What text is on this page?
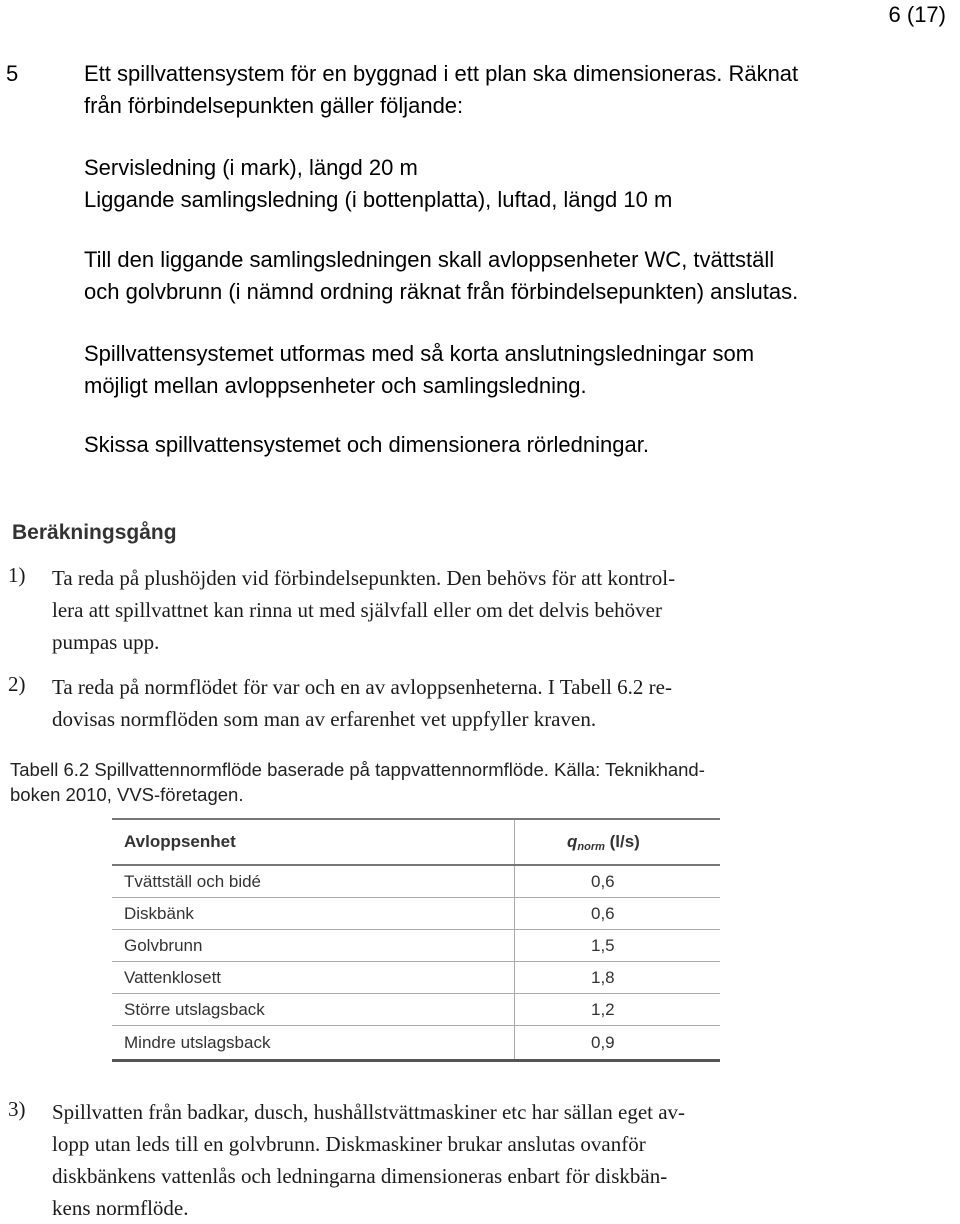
6 (17)
5	Ett spillvattensystem för en byggnad i ett plan ska dimensioneras. Räknat
från förbindelsepunkten gäller följande:
Servisledning (i mark), längd 20 m
Liggande samlingsledning (i bottenplatta), luftad, längd 10 m
Till den liggande samlingsledningen skall avloppsenheter WC, tvättställ
och golvbrunn (i nämnd ordning räknat från förbindelsepunkten) anslutas.
Spillvattensystemet utformas med så korta anslutningsledningar som
möjligt mellan avloppsenheter och samlingsledning.
Skissa spillvattensystemet och dimensionera rörledningar.
Beräkningsgång
1) Ta reda på plushöjden vid förbindelsepunkten. Den behövs för att kontrol-
lera att spillvattnet kan rinna ut med självfall eller om det delvis behöver
pumpas upp.
2) Ta reda på normflödet för var och en av avloppsenheterna. I Tabell 6.2 re-
dovisas normflöden som man av erfarenhet vet uppfyller kraven.
Tabell 6.2 Spillvattennormflöde baserade på tappvattennormflöde. Källa: Teknikhand-
boken 2010, VVS-företagen.
Avloppsenhet	qnorm (l/s)
Tvättställ och bidé	0,6
Diskbänk	0,6
Golvbrunn	1,5
Vattenklosett	1,8
Större utslagsback	1,2
Mindre utslagsback	0,9
3) Spillvatten från badkar, dusch, hushållstvättmaskiner etc har sällan eget av-
lopp utan leds till en golvbrunn. Diskmaskiner brukar anslutas ovanför
diskbänkens vattenlås och ledningarna dimensioneras enbart för diskbän-
kens normflöde.
